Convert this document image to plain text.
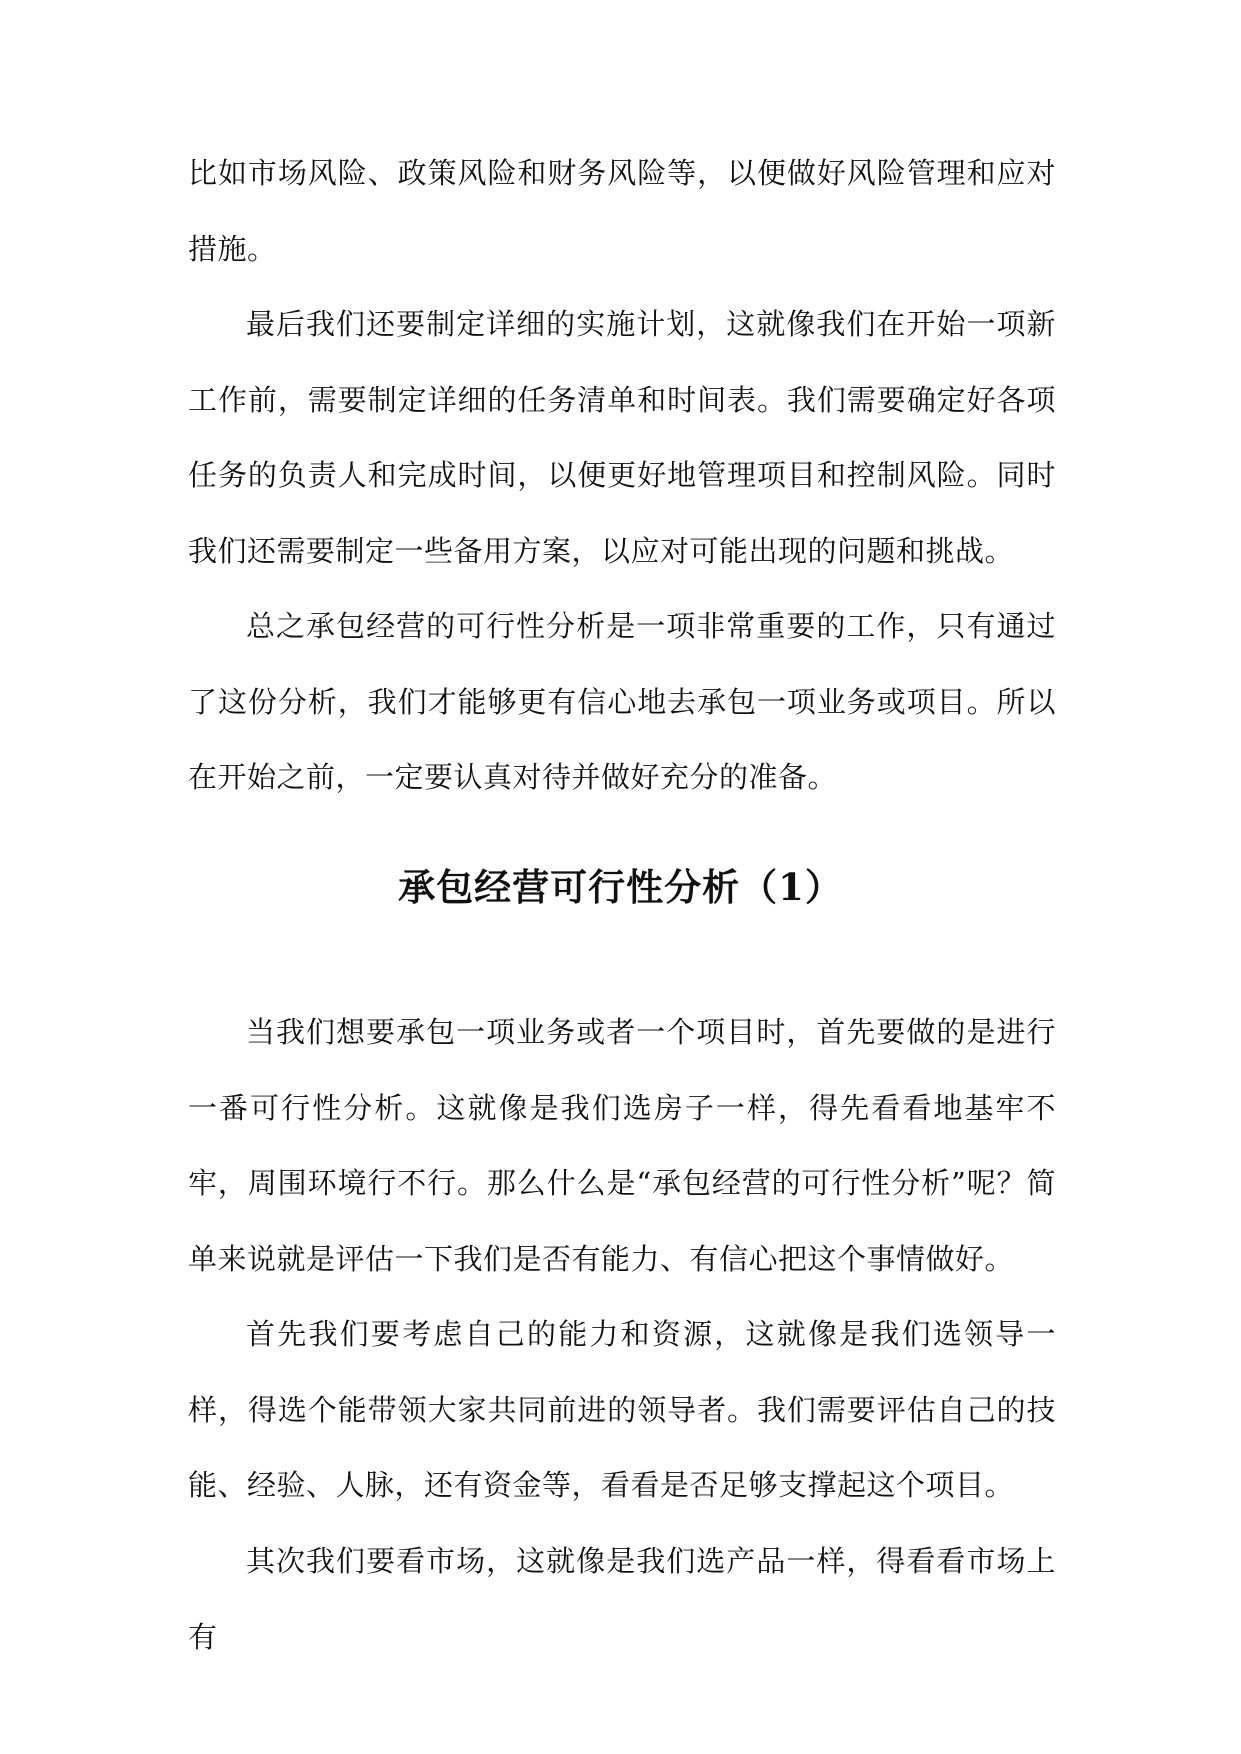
比如市场风险、政策风险和财务风险等，以便做好风险管理和应对措施。

最后我们还要制定详细的实施计划，这就像我们在开始一项新工作前，需要制定详细的任务清单和时间表。我们需要确定好各项任务的负责人和完成时间，以便更好地管理项目和控制风险。同时我们还需要制定一些备用方案，以应对可能出现的问题和挑战。

总之承包经营的可行性分析是一项非常重要的工作，只有通过了这份分析，我们才能够更有信心地去承包一项业务或项目。所以在开始之前，一定要认真对待并做好充分的准备。

承包经营可行性分析（1）

当我们想要承包一项业务或者一个项目时，首先要做的是进行一番可行性分析。这就像是我们选房子一样，得先看看地基牢不牢，周围环境行不行。那么什么是“承包经营的可行性分析”呢？简单来说就是评估一下我们是否有能力、有信心把这个事情做好。

首先我们要考虑自己的能力和资源，这就像是我们选领导一样，得选个能带领大家共同前进的领导者。我们需要评估自己的技能、经验、人脉，还有资金等，看看是否足够支撑起这个项目。

其次我们要看市场，这就像是我们选产品一样，得看看市场上有
